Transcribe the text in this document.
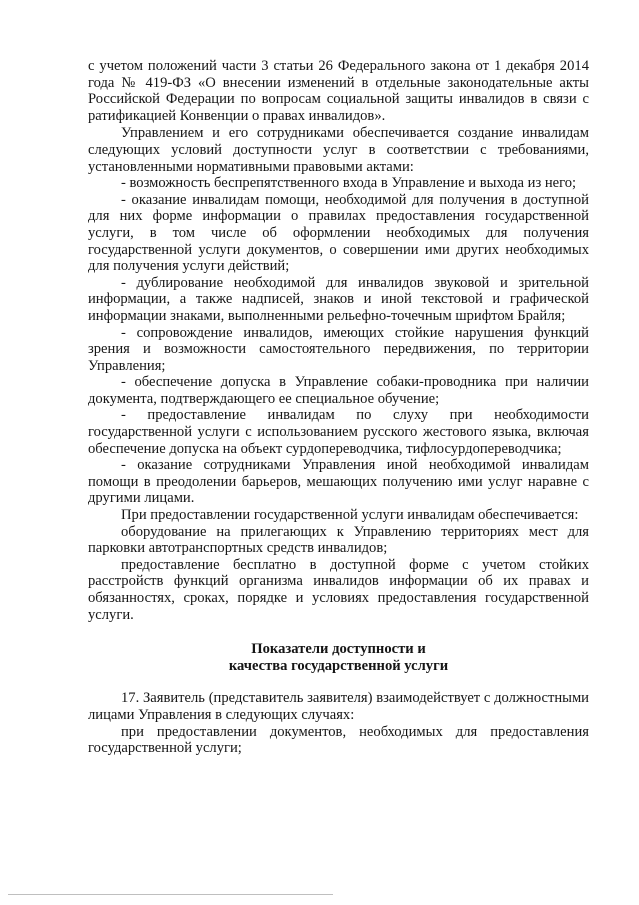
с учетом положений части 3 статьи 26 Федерального закона от 1 декабря 2014 года № 419-ФЗ «О внесении изменений в отдельные законодательные акты Российской Федерации по вопросам социальной защиты инвалидов в связи с ратификацией Конвенции о правах инвалидов».

Управлением и его сотрудниками обеспечивается создание инвалидам следующих условий доступности услуг в соответствии с требованиями, установленными нормативными правовыми актами:

- возможность беспрепятственного входа в Управление и выхода из него;

- оказание инвалидам помощи, необходимой для получения в доступной для них форме информации о правилах предоставления государственной услуги, в том числе об оформлении необходимых для получения государственной услуги документов, о совершении ими других необходимых для получения услуги действий;

- дублирование необходимой для инвалидов звуковой и зрительной информации, а также надписей, знаков и иной текстовой и графической информации знаками, выполненными рельефно-точечным шрифтом Брайля;

- сопровождение инвалидов, имеющих стойкие нарушения функций зрения и возможности самостоятельного передвижения, по территории Управления;

- обеспечение допуска в Управление собаки-проводника при наличии документа, подтверждающего ее специальное обучение;

- предоставление инвалидам по слуху при необходимости государственной услуги с использованием русского жестового языка, включая обеспечение допуска на объект сурдопереводчика, тифлосурдопереводчика;

- оказание сотрудниками Управления иной необходимой инвалидам помощи в преодолении барьеров, мешающих получению ими услуг наравне с другими лицами.

При предоставлении государственной услуги инвалидам обеспечивается:

оборудование на прилегающих к Управлению территориях мест для парковки автотранспортных средств инвалидов;

предоставление бесплатно в доступной форме с учетом стойких расстройств функций организма инвалидов информации об их правах и обязанностях, сроках, порядке и условиях предоставления государственной услуги.

Показатели доступности и
качества государственной услуги

17. Заявитель (представитель заявителя) взаимодействует с должностными лицами Управления в следующих случаях:

при предоставлении документов, необходимых для предоставления государственной услуги;
